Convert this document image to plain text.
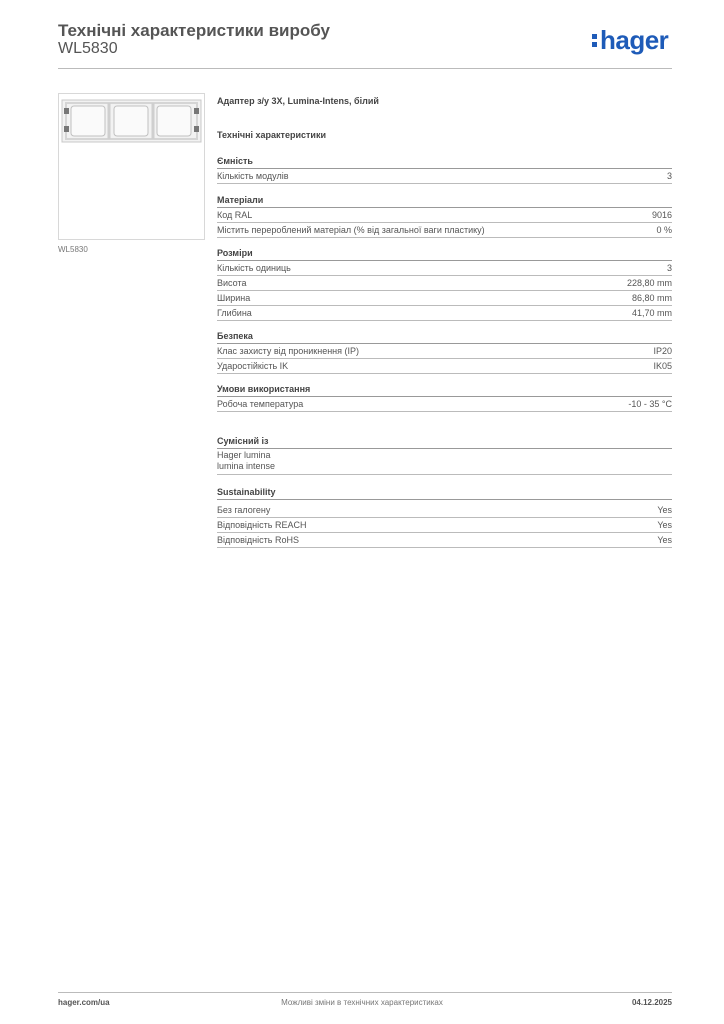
Технічні характеристики виробу
WL5830	hager
WL5830
Адаптер з/у 3X, Lumina-Intens, білий
Технічні характеристики
Ємність
Кількість модулів	3
Матеріали
Код RAL	9016
Містить перероблений матеріал (% від загальної ваги пластику)	0 %
Розміри
Кількість одиниць	3
Висота	228,80 mm
Ширина	86,80 mm
Глибина	41,70 mm
Безпека
Клас захисту від проникнення (IP)	IP20
Ударостійкість IK	IK05
Умови використання
Робоча температура	-10 - 35 °C
Сумісний із
Hager lumina
lumina intense
Sustainability
Без галогену	Yes
Відповідність REACH	Yes
Відповідність RoHS	Yes
hager.com/ua	Можливі зміни в технічних характеристиках	04.12.2025
